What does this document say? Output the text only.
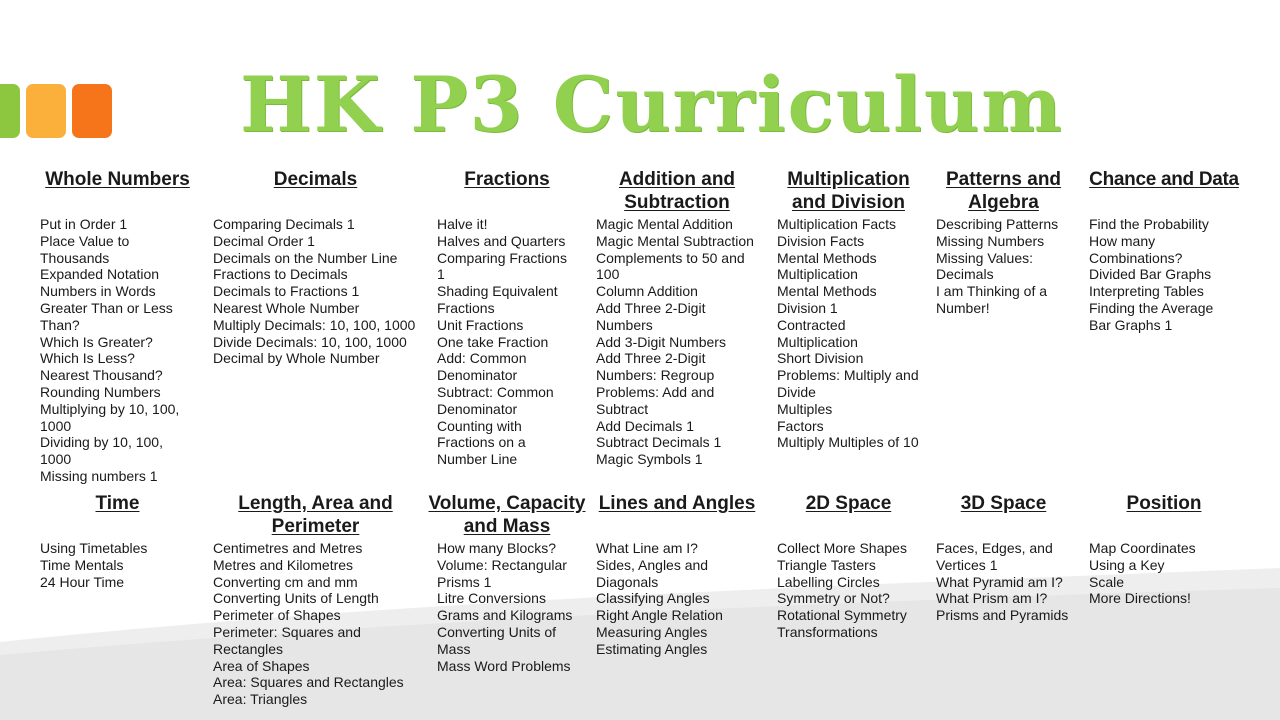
HK P3 Curriculum
Whole Numbers
Put in Order 1
Place Value to Thousands
Expanded Notation
Numbers in Words
Greater Than or Less Than?
Which Is Greater? Which Is Less?
Nearest Thousand?
Rounding Numbers
Multiplying by 10, 100, 1000
Dividing by 10, 100, 1000
Missing numbers 1
Decimals
Comparing Decimals 1
Decimal Order 1
Decimals on the Number Line
Fractions to Decimals
Decimals to Fractions 1
Nearest Whole Number
Multiply Decimals: 10, 100, 1000
Divide Decimals: 10, 100, 1000
Decimal by Whole Number
Fractions
Halve it!
Halves and Quarters
Comparing Fractions 1
Shading Equivalent Fractions
Unit Fractions
One take Fraction
Add: Common Denominator
Subtract: Common Denominator
Counting with Fractions on a Number Line
Addition and Subtraction
Magic Mental Addition
Magic Mental Subtraction
Complements to 50 and 100
Column Addition
Add Three 2-Digit Numbers
Add 3-Digit Numbers
Add Three 2-Digit Numbers: Regroup
Problems: Add and Subtract
Add Decimals 1
Subtract Decimals 1
Magic Symbols 1
Multiplication and Division
Multiplication Facts
Division Facts
Mental Methods Multiplication
Mental Methods Division 1
Contracted Multiplication
Short Division
Problems: Multiply and Divide
Multiples
Factors
Multiply Multiples of 10
Patterns and Algebra
Describing Patterns
Missing Numbers
Missing Values: Decimals
I am Thinking of a Number!
Chance and Data
Find the Probability
How many Combinations?
Divided Bar Graphs
Interpreting Tables
Finding the Average
Bar Graphs 1
Time
Using Timetables
Time Mentals
24 Hour Time
Length, Area and Perimeter
Centimetres and Metres
Metres and Kilometres
Converting cm and mm
Converting Units of Length
Perimeter of Shapes
Perimeter: Squares and Rectangles
Area of Shapes
Area: Squares and Rectangles
Area: Triangles
Volume, Capacity and Mass
How many Blocks?
Volume: Rectangular Prisms 1
Litre Conversions
Grams and Kilograms
Converting Units of Mass
Mass Word Problems
Lines and Angles
What Line am I?
Sides, Angles and Diagonals
Classifying Angles
Right Angle Relation
Measuring Angles
Estimating Angles
2D Space
Collect More Shapes
Triangle Tasters
Labelling Circles
Symmetry or Not?
Rotational Symmetry
Transformations
3D Space
Faces, Edges, and Vertices 1
What Pyramid am I?
What Prism am I?
Prisms and Pyramids
Position
Map Coordinates
Using a Key
Scale
More Directions!
